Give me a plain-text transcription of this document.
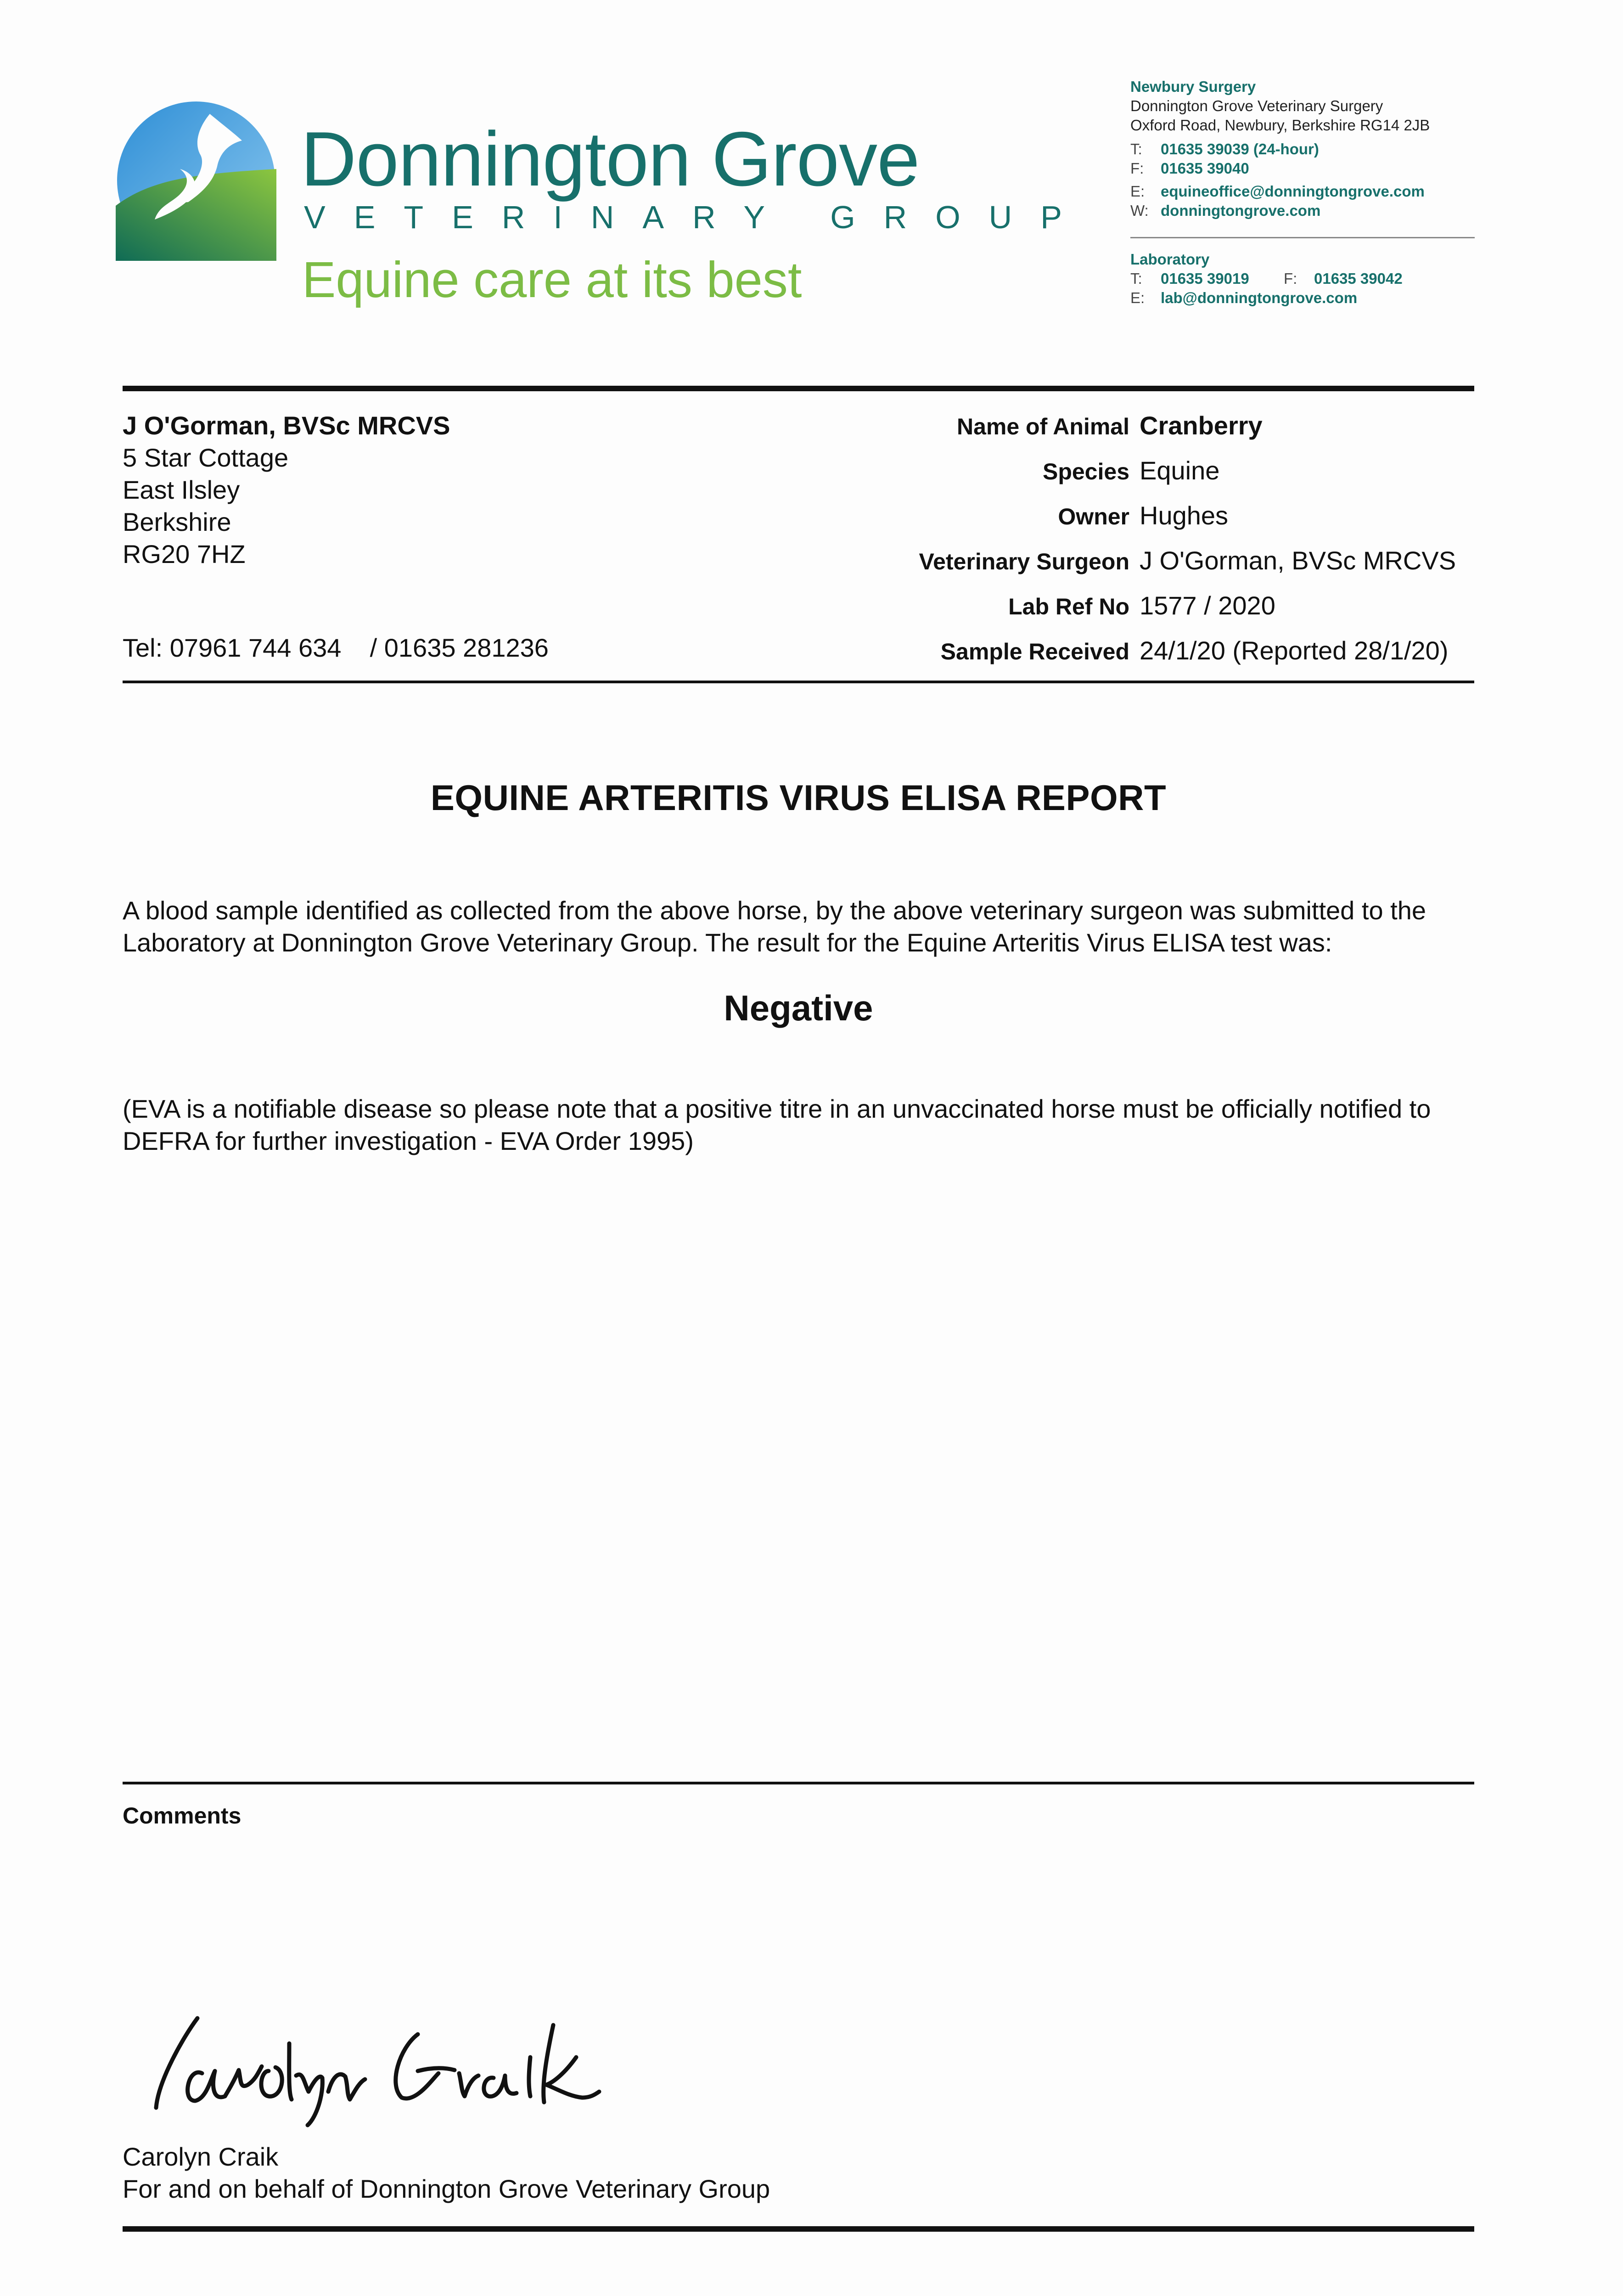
Donnington Grove
VETERINARY GROUP
Equine care at its best
Newbury Surgery
Donnington Grove Veterinary Surgery
Oxford Road, Newbury, Berkshire RG14 2JB
T:	01635 39039 (24-hour)
F:	01635 39040
E:	equineoffice@donningtongrove.com
W: donningtongrove.com
Laboratory
T:	01635 39019	F:	01635 39042
E:	lab@donningtongrove.com
J O'Gorman, BVSc MRCVS
5 Star Cottage
East Ilsley
Berkshire
RG20 7HZ
Tel: 07961 744 634    / 01635 281236
Name of Animal Cranberry
Species Equine
Owner Hughes
Veterinary Surgeon J O'Gorman, BVSc MRCVS
Lab Ref No 1577 / 2020
Sample Received 24/1/20 (Reported 28/1/20)
EQUINE ARTERITIS VIRUS ELISA REPORT
A blood sample identified as collected from the above horse, by the above veterinary surgeon was submitted to the Laboratory at Donnington Grove Veterinary Group. The result for the Equine Arteritis Virus ELISA test was:
Negative
(EVA is a notifiable disease so please note that a positive titre in an unvaccinated horse must be officially notified to DEFRA for further investigation - EVA Order 1995)
Comments
Carolyn Craik
For and on behalf of Donnington Grove Veterinary Group
